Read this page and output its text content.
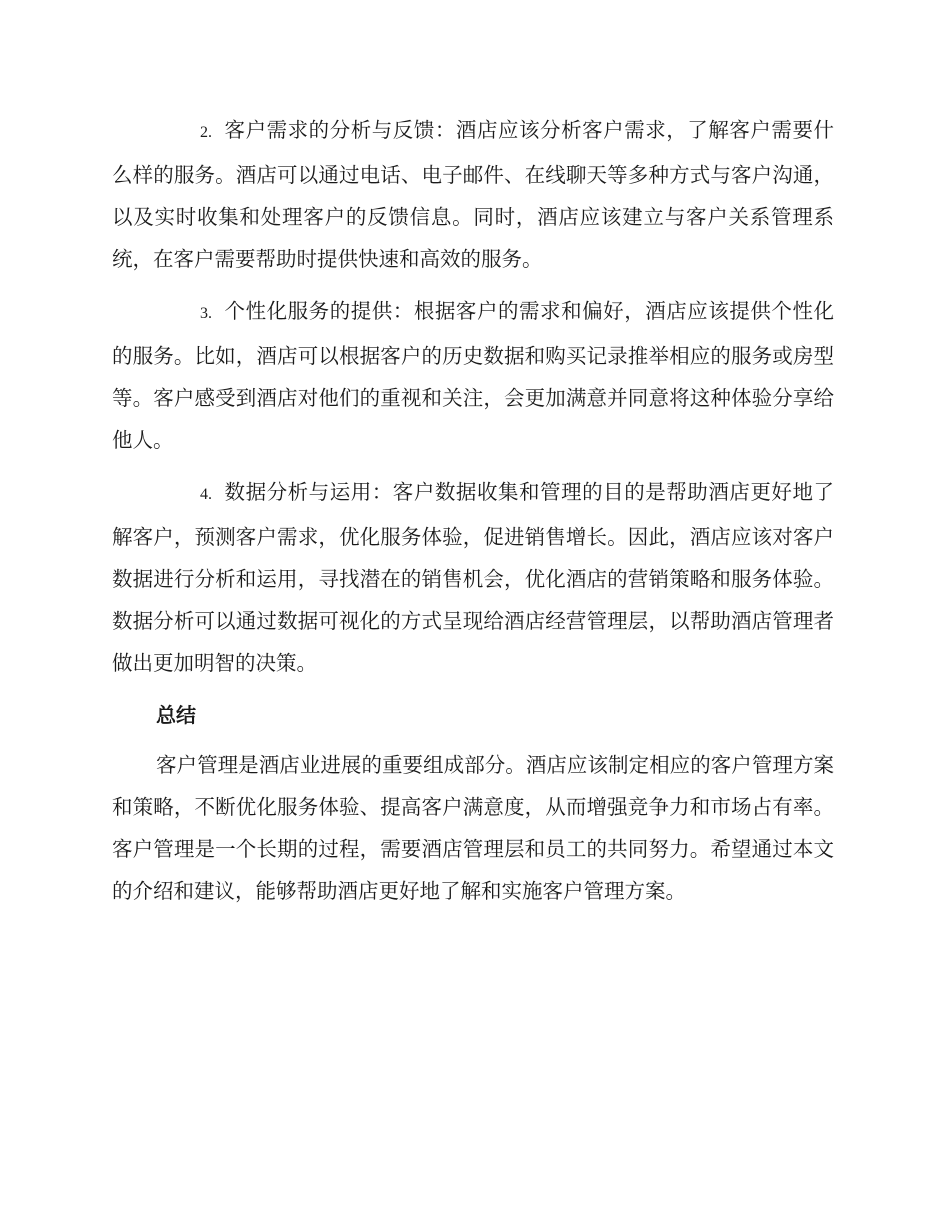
2. 客户需求的分析与反馈：酒店应该分析客户需求，了解客户需要什么样的服务。酒店可以通过电话、电子邮件、在线聊天等多种方式与客户沟通，以及实时收集和处理客户的反馈信息。同时，酒店应该建立与客户关系管理系统，在客户需要帮助时提供快速和高效的服务。

3. 个性化服务的提供：根据客户的需求和偏好，酒店应该提供个性化的服务。比如，酒店可以根据客户的历史数据和购买记录推举相应的服务或房型等。客户感受到酒店对他们的重视和关注，会更加满意并同意将这种体验分享给他人。

4. 数据分析与运用：客户数据收集和管理的目的是帮助酒店更好地了解客户，预测客户需求，优化服务体验，促进销售增长。因此，酒店应该对客户数据进行分析和运用，寻找潜在的销售机会，优化酒店的营销策略和服务体验。数据分析可以通过数据可视化的方式呈现给酒店经营管理层，以帮助酒店管理者做出更加明智的决策。

总结

客户管理是酒店业进展的重要组成部分。酒店应该制定相应的客户管理方案和策略，不断优化服务体验、提高客户满意度，从而增强竞争力和市场占有率。客户管理是一个长期的过程，需要酒店管理层和员工的共同努力。希望通过本文的介绍和建议，能够帮助酒店更好地了解和实施客户管理方案。
